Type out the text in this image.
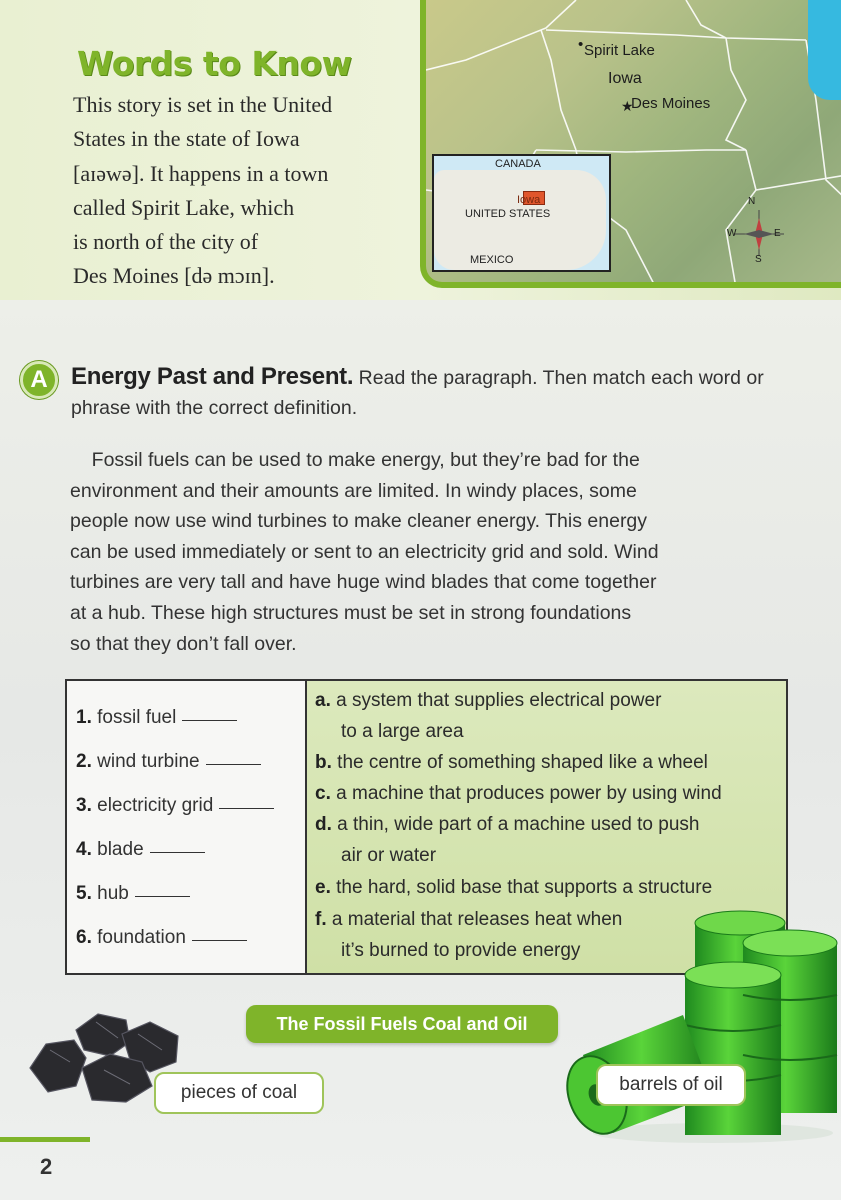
Words to Know
This story is set in the United
States in the state of Iowa
[aɪəwə]. It happens in a town
called Spirit Lake, which
is north of the city of
Des Moines [də mɔɪn].
• Spirit Lake
Iowa
★
Des Moines
CANADA
Iowa
UNITED STATES
MEXICO
N
S
W	E
A Energy Past and Present. Read the paragraph. Then match each word or phrase with the correct definition.

Fossil fuels can be used to make energy, but they’re bad for the
environment and their amounts are limited. In windy places, some
people now use wind turbines to make cleaner energy. This energy
can be used immediately or sent to an electricity grid and sold. Wind
turbines are very tall and have huge wind blades that come together
at a hub. These high structures must be set in strong foundations
so that they don’t fall over.
1. fossil fuel
2. wind turbine
3. electricity grid
4. blade
5. hub
6. foundation
a. a system that supplies electrical power
to a large area
b. the centre of something shaped like a wheel
c. a machine that produces power by using wind
d. a thin, wide part of a machine used to push
air or water
e. the hard, solid base that supports a structure
f. a material that releases heat when
it’s burned to provide energy
The Fossil Fuels Coal and Oil
pieces of coal	barrels of oil
2
